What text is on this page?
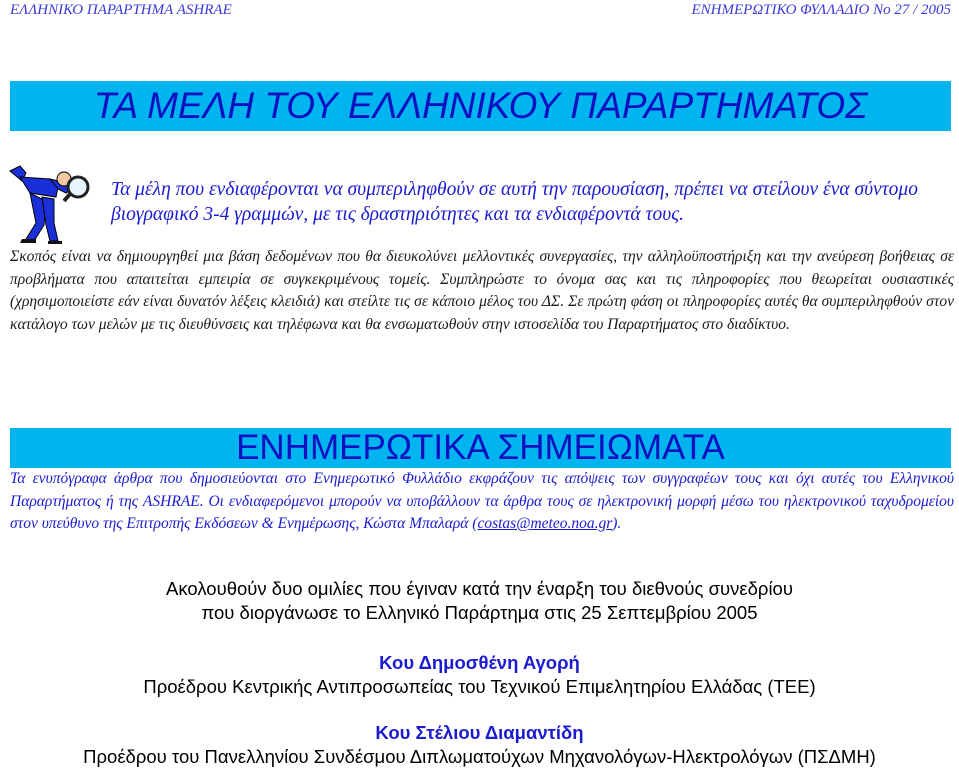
ΕΛΛΗΝΙΚΟ ΠΑΡΑΡΤΗΜΑ ASHRAE	ΕΝΗΜΕΡΩΤΙΚΟ ΦΥΛΛΑΔΙΟ Νο 27 / 2005
ΤΑ ΜΕΛΗ ΤΟΥ ΕΛΛΗΝΙΚΟΥ ΠΑΡΑΡΤΗΜΑΤΟΣ
Τα μέλη που ενδιαφέρονται να συμπεριληφθούν σε αυτή την παρουσίαση, πρέπει να στείλουν ένα σύντομο βιογραφικό 3-4 γραμμών, με τις δραστηριότητες και τα ενδιαφέροντά τους.
Σκοπός είναι να δημιουργηθεί μια βάση δεδομένων που θα διευκολύνει μελλοντικές συνεργασίες, την αλληλοϋποστήριξη και την ανεύρεση βοήθειας σε προβλήματα που απαιτείται εμπειρία σε συγκεκριμένους τομείς. Συμπληρώστε το όνομα σας και τις πληροφορίες που θεωρείται ουσιαστικές (χρησιμοποιείστε εάν είναι δυνατόν λέξεις κλειδιά) και στείλτε τις σε κάποιο μέλος του ΔΣ. Σε πρώτη φάση οι πληροφορίες αυτές θα συμπεριληφθούν στον κατάλογο των μελών με τις διευθύνσεις και τηλέφωνα και θα ενσωματωθούν στην ιστοσελίδα του Παραρτήματος στο διαδίκτυο.
ΕΝΗΜΕΡΩΤΙΚΑ ΣΗΜΕΙΩΜΑΤΑ
Τα ενυπόγραφα άρθρα που δημοσιεύονται στο Ενημερωτικό Φυλλάδιο εκφράζουν τις απόψεις των συγγραφέων τους και όχι αυτές του Ελληνικού Παραρτήματος ή της ASHRAE. Οι ενδιαφερόμενοι μπορούν να υποβάλλουν τα άρθρα τους σε ηλεκτρονική μορφή μέσω του ηλεκτρονικού ταχυδρομείου στον υπεύθυνο της Επιτροπής Εκδόσεων & Ενημέρωσης, Κώστα Μπαλαρά (costas@meteo.noa.gr).
Ακολουθούν δυο ομιλίες που έγιναν κατά την έναρξη του διεθνούς συνεδρίου
που διοργάνωσε το Ελληνικό Παράρτημα στις 25 Σεπτεμβρίου 2005
Κου Δημοσθένη Αγορή
Προέδρου Κεντρικής Αντιπροσωπείας του Τεχνικού Επιμελητηρίου Ελλάδας (ΤΕΕ)
Κου Στέλιου Διαμαντίδη
Προέδρου του Πανελληνίου Συνδέσμου Διπλωματούχων Μηχανολόγων-Ηλεκτρολόγων (ΠΣΔΜΗ)
